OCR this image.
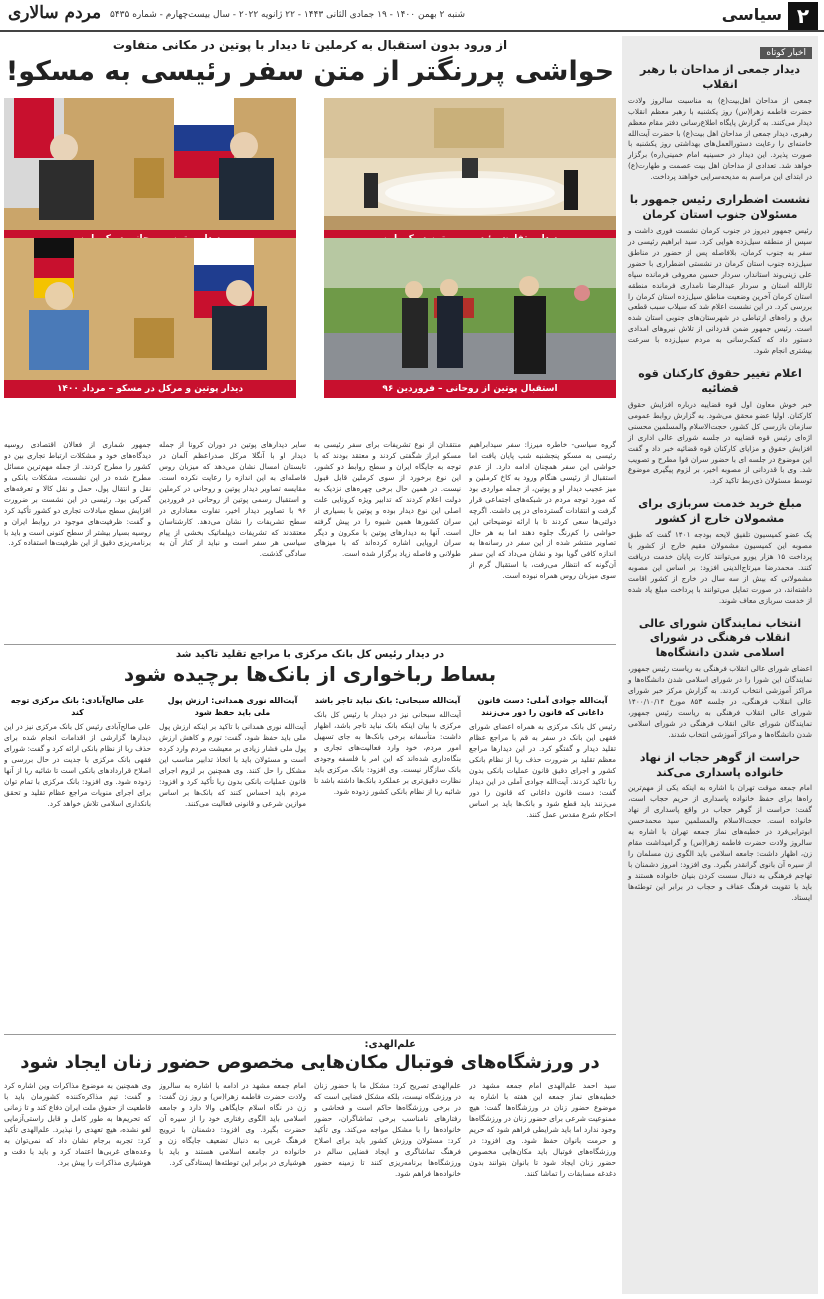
۲
سیاسی
شنبه ۲ بهمن ۱۴۰۰ - ۱۹ جمادی الثانی ۱۴۴۳ - ۲۲ ژانویه ۲۰۲۲ - سال بیست‌چهارم - شماره ۵۴۳۵
مردم سالاری
اخبار کوتاه
دیدار جمعی از مداحان با رهبر انقلاب
جمعی از مداحان اهل‌بیت(ع) به مناسبت سالروز ولادت حضرت فاطمه زهرا(س) روز یکشنبه با رهبر معظم انقلاب دیدار می‌کنند. به گزارش پایگاه اطلاع‌رسانی دفتر مقام معظم رهبری، دیدار جمعی از مداحان اهل بیت(ع) با حضرت آیت‌الله خامنه‌ای را رعایت دستورالعمل‌های بهداشتی روز یکشنبه با صورت پذیرد. این دیدار در حسینیه امام خمینی(ره) برگزار خواهد شد. تعدادی از مداحان اهل بیت عصمت و طهارت(ع) در ابتدای این مراسم به مدیحه‌سرایی خواهند پرداخت.
نشست اضطراری رئیس جمهور با مسئولان جنوب استان کرمان
رئیس جمهور دیروز در جنوب کرمان نشست فوری داشت و سپس از منطقه سیل‌زده هوایی کرد. سید ابراهیم رئیسی در سفر به جنوب کرمان، بلافاصله پس از حضور در مناطق سیل‌زده جنوب استان کرمان در نشستی اضطراری با حضور علی زینی‌وند استاندار، سردار حسین معروفی فرمانده سپاه ثارالله استان و سردار عبدالرضا نامداری فرمانده منطقه استان کرمان آخرین وضعیت مناطق سیل‌زده استان کرمان را بررسی کرد. در این نشست اعلام شد که سیلاب سبب قطعی برق و راه‌های ارتباطی در شهرستان‌های جنوبی استان شده است. رئیس جمهور ضمن قدردانی از تلاش نیروهای امدادی دستور داد که کمک‌رسانی به مردم سیل‌زده با سرعت بیشتری انجام شود.
اعلام تغییر حقوق کارکنان قوه قضائیه
خبر خوش معاون اول قوه قضاییه درباره افزایش حقوق کارکنان. اولیا عضو محقق می‌شود. به گزارش روابط عمومی سازمان بازرسی کل کشور، حجت‌الاسلام والمسلمین محسنی اژه‌ای رئیس قوه قضاییه در جلسه شورای عالی اداری از افزایش حقوق و مزایای کارکنان قوه قضائیه خبر داد و گفت این موضوع در جلسه ای با حضور سران قوا مطرح و تصویب شد. وی با قدردانی از مصوبه اخیر، بر لزوم پیگیری موضوع توسط مسئولان ذی‌ربط تاکید کرد.
مبلغ خرید خدمت سربازی برای مشمولان خارج از کشور
یک عضو کمیسیون تلفیق لایحه بودجه ۱۴۰۱ گفت که طبق مصوبه این کمیسیون مشمولان مقیم خارج از کشور با پرداخت ۱۵ هزار یورو می‌توانند کارت پایان خدمت دریافت کنند. محمدرضا میرتاج‌الدینی افزود: بر اساس این مصوبه مشمولانی که بیش از سه سال در خارج از کشور اقامت داشته‌اند، در صورت تمایل می‌توانند با پرداخت مبلغ یاد شده از خدمت سربازی معاف شوند.
انتخاب نمایندگان شورای عالی انقلاب فرهنگی در شورای اسلامی شدن دانشگاه‌ها
اعضای شورای عالی انقلاب فرهنگی به ریاست رئیس جمهور، نمایندگان این شورا را در شورای اسلامی شدن دانشگاه‌ها و مراکز آموزشی انتخاب کردند. به گزارش مرکز خبر شورای عالی انقلاب فرهنگی، در جلسه ۸۵۳ مورخ ۱۴۰۰/۱۰/۱۴ شورای عالی انقلاب فرهنگی به ریاست رئیس جمهور، نمایندگان شورای عالی انقلاب فرهنگی در شورای اسلامی شدن دانشگاه‌ها و مراکز آموزشی انتخاب شدند.
حراست از گوهر حجاب از نهاد خانواده پاسداری می‌کند
امام جمعه موقت تهران با اشاره به اینکه یکی از مهم‌ترین راه‌ها برای حفظ خانواده پاسداری از حریم حجاب است، گفت: حراست از گوهر حجاب در واقع پاسداری از نهاد خانواده است. حجت‌الاسلام والمسلمین سید محمدحسن ابوترابی‌فرد در خطبه‌های نماز جمعه تهران با اشاره به سالروز ولادت حضرت فاطمه زهرا(س) و گرامیداشت مقام زن، اظهار داشت: جامعه اسلامی باید الگوی زن مسلمان را از سیره آن بانوی گرانقدر بگیرد. وی افزود: امروز دشمنان با تهاجم فرهنگی به دنبال سست کردن بنیان خانواده هستند و باید با تقویت فرهنگ عفاف و حجاب در برابر این توطئه‌ها ایستاد.
از ورود بدون استقبال به کرملین تا دیدار با پوتین در مکانی متفاوت
حواشی پررنگتر از متن سفر رئیسی به مسکو!
استقبال پوتین از روحانی – فروردین ۹۶
دیدار پوتین و مرکل در مسکو – مرداد ۱۴۰۰
گروه سیاسی- خاطره میرزا: سفر سیدابراهیم رئیسی به مسکو پنجشنبه شب پایان یافت اما حواشی این سفر همچنان ادامه دارد. از عدم استقبال از رئیسی هنگام ورود به کاخ کرملین و میز عجیب دیدار او و پوتین، از جمله مواردی بود که مورد توجه مردم در شبکه‌های اجتماعی قرار گرفت و انتقادات گسترده‌ای در پی داشت. اگرچه دولتی‌ها سعی کردند تا با ارائه توضیحاتی این حواشی را کم‌رنگ جلوه دهند اما به هر حال تصاویر منتشر شده از این سفر در رسانه‌ها به اندازه کافی گویا بود و نشان می‌داد که این سفر آن‌گونه که انتظار می‌رفت، با استقبال گرم از سوی میزبان روس همراه نبوده است.
منتقدان از نوع تشریفات برای سفر رئیسی به مسکو ابراز شگفتی کردند و معتقد بودند که با توجه به جایگاه ایران و سطح روابط دو کشور، این نوع برخورد از سوی کرملین قابل قبول نیست. در همین حال برخی چهره‌های نزدیک به دولت اعلام کردند که تدابیر ویژه کرونایی علت اصلی این نوع دیدار بوده و پوتین با بسیاری از سران کشورها همین شیوه را در پیش گرفته است. آنها به دیدارهای پوتین با مکرون و دیگر سران اروپایی اشاره کرده‌اند که با میزهای طولانی و فاصله زیاد برگزار شده است.
سایر دیدارهای پوتین در دوران کرونا از جمله دیدار او با آنگلا مرکل صدراعظم آلمان در تابستان امسال نشان می‌دهد که میزبان روس فاصله‌ای به این اندازه را رعایت نکرده است. مقایسه تصاویر دیدار پوتین و روحانی در کرملین و استقبال رسمی پوتین از روحانی در فروردین ۹۶ با تصاویر دیدار اخیر، تفاوت معناداری در سطح تشریفات را نشان می‌دهد. کارشناسان معتقدند که تشریفات دیپلماتیک بخشی از پیام سیاسی هر سفر است و نباید از کنار آن به سادگی گذشت.
جمهور شماری از فعالان اقتصادی روسیه دیدگاه‌های خود و مشکلات ارتباط تجاری بین دو کشور را مطرح کردند. از جمله مهم‌ترین مسائل مطرح شده در این نشست، مشکلات بانکی و نقل و انتقال پول، حمل و نقل کالا و تعرفه‌های گمرکی بود. رئیسی در این نشست بر ضرورت افزایش سطح مبادلات تجاری دو کشور تأکید کرد و گفت: ظرفیت‌های موجود در روابط ایران و روسیه بسیار بیشتر از سطح کنونی است و باید با برنامه‌ریزی دقیق از این ظرفیت‌ها استفاده کرد.
در دیدار رئیس کل بانک مرکزی با مراجع تقلید تاکید شد
بساط رباخواری از بانک‌ها برچیده شود
آیت‌الله جوادی آملی: دست قانون داغانی که قانون را دور می‌زنند
رئیس کل بانک مرکزی به همراه اعضای شورای فقهی این بانک در سفر به قم با مراجع عظام تقلید دیدار و گفتگو کرد. در این دیدارها مراجع معظم تقلید بر ضرورت حذف ربا از نظام بانکی کشور و اجرای دقیق قانون عملیات بانکی بدون ربا تاکید کردند. آیت‌الله جوادی آملی در این دیدار گفت: دست قانون داغانی که قانون را دور می‌زنند باید قطع شود و بانک‌ها باید بر اساس احکام شرع مقدس عمل کنند.
آیت‌الله سبحانی: بانک نباید تاجر باشد
آیت‌الله سبحانی نیز در دیدار با رئیس کل بانک مرکزی با بیان اینکه بانک نباید تاجر باشد، اظهار داشت: متأسفانه برخی بانک‌ها به جای تسهیل امور مردم، خود وارد فعالیت‌های تجاری و بنگاه‌داری شده‌اند که این امر با فلسفه وجودی بانک سازگار نیست. وی افزود: بانک مرکزی باید نظارت دقیق‌تری بر عملکرد بانک‌ها داشته باشد تا شائبه ربا از نظام بانکی کشور زدوده شود.
آیت‌الله نوری همدانی: ارزش پول ملی باید حفظ شود
آیت‌الله نوری همدانی با تاکید بر اینکه ارزش پول ملی باید حفظ شود، گفت: تورم و کاهش ارزش پول ملی فشار زیادی بر معیشت مردم وارد کرده است و مسئولان باید با اتخاذ تدابیر مناسب این مشکل را حل کنند. وی همچنین بر لزوم اجرای قانون عملیات بانکی بدون ربا تأکید کرد و افزود: مردم باید احساس کنند که بانک‌ها بر اساس موازین شرعی و قانونی فعالیت می‌کنند.
علی صالح‌آبادی: بانک مرکزی توجه کند
علی صالح‌آبادی رئیس کل بانک مرکزی نیز در این دیدارها گزارشی از اقدامات انجام شده برای حذف ربا از نظام بانکی ارائه کرد و گفت: شورای فقهی بانک مرکزی با جدیت در حال بررسی و اصلاح قراردادهای بانکی است تا شائبه ربا از آنها زدوده شود. وی افزود: بانک مرکزی با تمام توان برای اجرای منویات مراجع عظام تقلید و تحقق بانکداری اسلامی تلاش خواهد کرد.
علم‌الهدی:
در ورزشگاه‌های فوتبال مکان‌هایی مخصوص حضور زنان ایجاد شود
سید احمد علم‌الهدی امام جمعه مشهد در خطبه‌های نماز جمعه این هفته با اشاره به موضوع حضور زنان در ورزشگاه‌ها گفت: هیچ ممنوعیت شرعی برای حضور زنان در ورزشگاه‌ها وجود ندارد اما باید شرایطی فراهم شود که حریم و حرمت بانوان حفظ شود. وی افزود: در ورزشگاه‌های فوتبال باید مکان‌هایی مخصوص حضور زنان ایجاد شود تا بانوان بتوانند بدون دغدغه مسابقات را تماشا کنند.
علم‌الهدی تصریح کرد: مشکل ما با حضور زنان در ورزشگاه نیست، بلکه مشکل فضایی است که در برخی ورزشگاه‌ها حاکم است و فحاشی و رفتارهای نامناسب برخی تماشاگران، حضور خانواده‌ها را با مشکل مواجه می‌کند. وی تأکید کرد: مسئولان ورزش کشور باید برای اصلاح فرهنگ تماشاگری و ایجاد فضایی سالم در ورزشگاه‌ها برنامه‌ریزی کنند تا زمینه حضور خانواده‌ها فراهم شود.
امام جمعه مشهد در ادامه با اشاره به سالروز ولادت حضرت فاطمه زهرا(س) و روز زن گفت: زن در نگاه اسلام جایگاهی والا دارد و جامعه اسلامی باید الگوی رفتاری خود را از سیره آن حضرت بگیرد. وی افزود: دشمنان با ترویج فرهنگ غربی به دنبال تضعیف جایگاه زن و خانواده در جامعه اسلامی هستند و باید با هوشیاری در برابر این توطئه‌ها ایستادگی کرد.
وی همچنین به موضوع مذاکرات وین اشاره کرد و گفت: تیم مذاکره‌کننده کشورمان باید با قاطعیت از حقوق ملت ایران دفاع کند و تا زمانی که تحریم‌ها به طور کامل و قابل راستی‌آزمایی لغو نشده، هیچ تعهدی را نپذیرد. علم‌الهدی تأکید کرد: تجربه برجام نشان داد که نمی‌توان به وعده‌های غربی‌ها اعتماد کرد و باید با دقت و هوشیاری مذاکرات را پیش برد.
